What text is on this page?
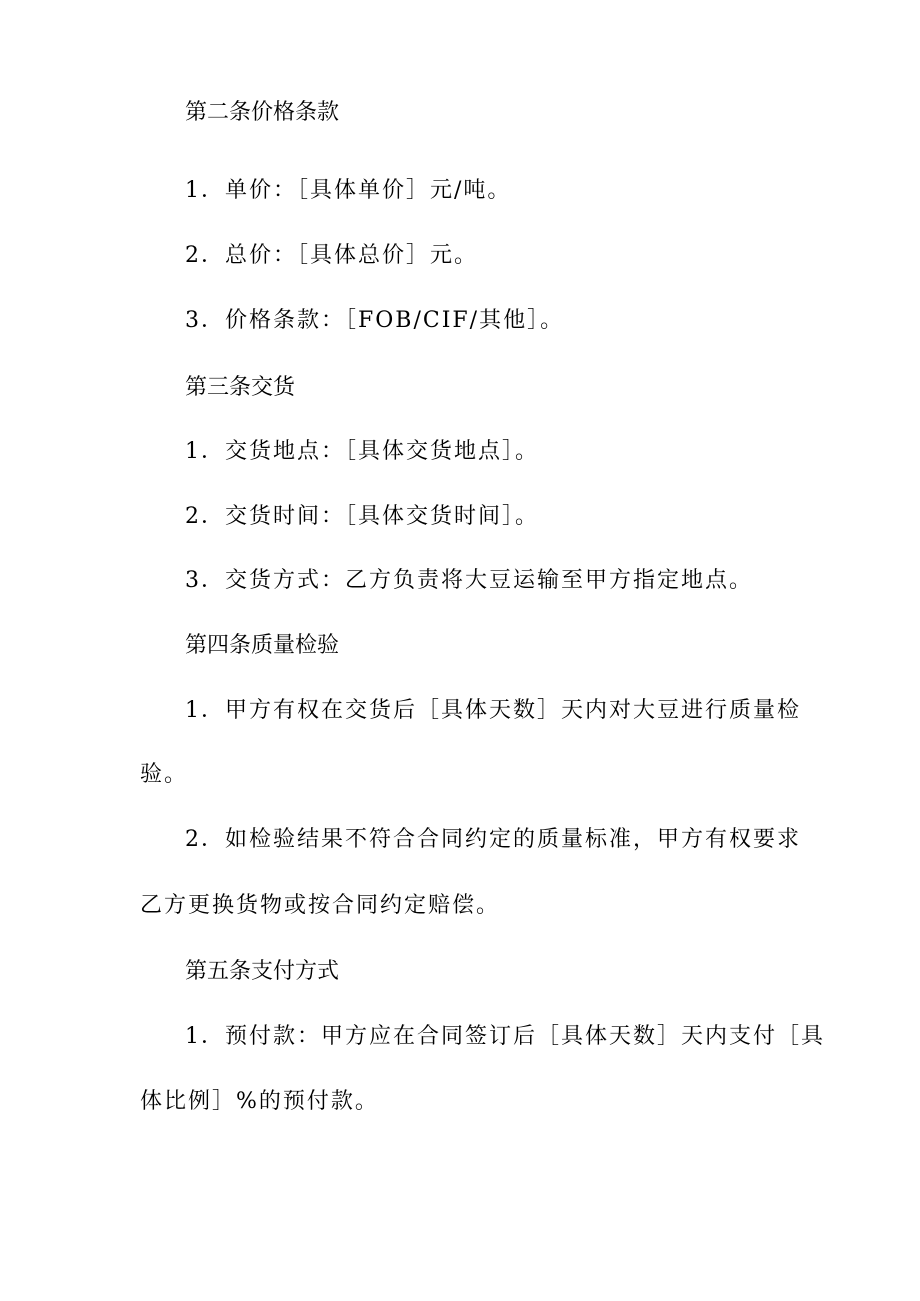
第二条价格条款
1．单价：［具体单价］元/吨。
2．总价：［具体总价］元。
3．价格条款：［FOB/CIF/其他］。
第三条交货
1．交货地点：［具体交货地点］。
2．交货时间：［具体交货时间］。
3．交货方式：乙方负责将大豆运输至甲方指定地点。
第四条质量检验
1．甲方有权在交货后［具体天数］天内对大豆进行质量检
验。
2．如检验结果不符合合同约定的质量标准，甲方有权要求
乙方更换货物或按合同约定赔偿。
第五条支付方式
1．预付款：甲方应在合同签订后［具体天数］天内支付［具
体比例］%的预付款。
